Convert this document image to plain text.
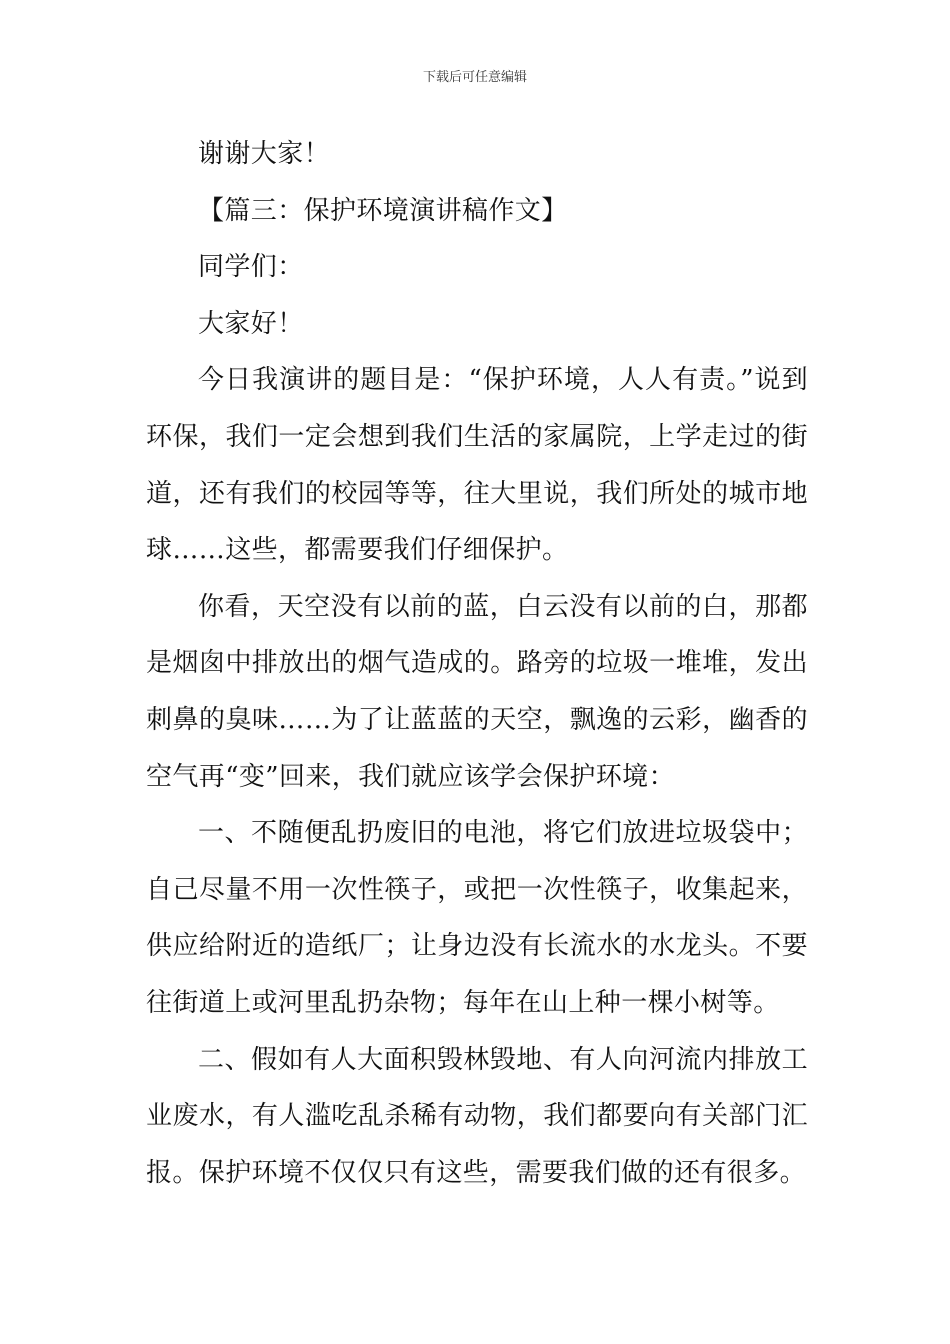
下载后可任意编辑

谢谢大家！

【篇三：保护环境演讲稿作文】

同学们：

大家好！

今日我演讲的题目是：“保护环境，人人有责。”说到环保，我们一定会想到我们生活的家属院，上学走过的街道，还有我们的校园等等，往大里说，我们所处的城市地球……这些，都需要我们仔细保护。

你看，天空没有以前的蓝，白云没有以前的白，那都是烟囱中排放出的烟气造成的。路旁的垃圾一堆堆，发出刺鼻的臭味……为了让蓝蓝的天空，飘逸的云彩，幽香的空气再“变”回来，我们就应该学会保护环境：

一、不随便乱扔废旧的电池，将它们放进垃圾袋中；自己尽量不用一次性筷子，或把一次性筷子，收集起来，供应给附近的造纸厂；让身边没有长流水的水龙头。不要往街道上或河里乱扔杂物；每年在山上种一棵小树等。

二、假如有人大面积毁林毁地、有人向河流内排放工业废水，有人滥吃乱杀稀有动物，我们都要向有关部门汇报。保护环境不仅仅只有这些，需要我们做的还有很多。
